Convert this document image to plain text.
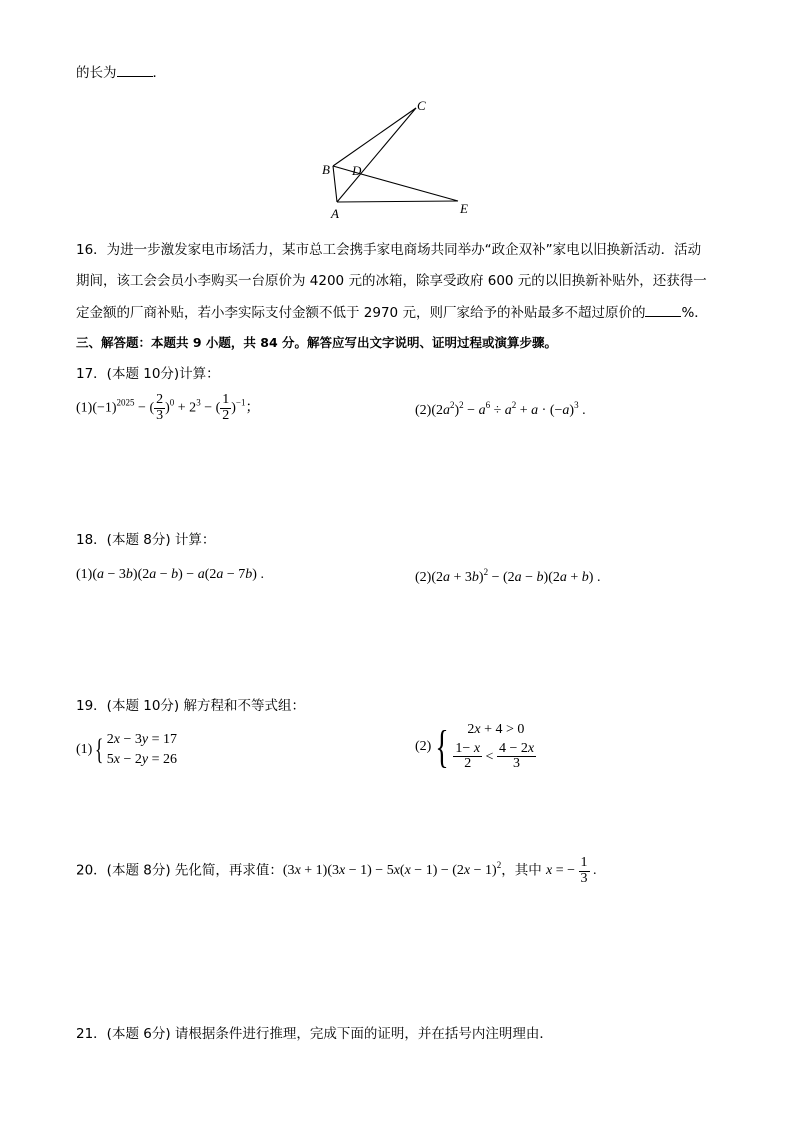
的长为	．
C
B D
A	E
16．为进一步激发家电市场活力，某市总工会携手家电商场共同举办“政企双补”家电以旧换新活动．活动
期间，该工会会员小李购买一台原价为 4200 元的冰箱，除享受政府 600 元的以旧换新补贴外，还获得一
定金额的厂商补贴，若小李实际支付金额不低于 2970 元，则厂家给予的补贴最多不超过原价的	%．
三、解答题：本题共 9 小题，共 84 分。解答应写出文字说明、证明过程或演算步骤。
17．(本题 10分)计算：
$(1)(-1)^{2025}$ − ( $\frac{2}{3} )^0 + 2^3$ − ( $\frac{1}{2} )^{-1}$；	$(2)(2a^2)^2 - a^6 \div a^2 + a \cdot (-a)^3$ .
18．(本题 8分) 计算：
(1)(a − 3b)(2a − b) − a(2a − 7b) .	$(2)(2a + 3b)^2 - (2a - b)(2a + b)$ .
19．(本题 10分) 解方程和不等式组：
(1){2x − 3y = 17
5x − 2y = 26
(2){	2x + 4 > 0
$\frac{1- x}{2} < \frac{4 - 2x}{3}$
20．(本题 8分) 先化简，再求值：$(3x + 1)(3x - 1) - 5x(x - 1) - (2x - 1)^2$，其中 x = − $\frac{1}{3}$ .
21．(本题 6分) 请根据条件进行推理，完成下面的证明，并在括号内注明理由．
